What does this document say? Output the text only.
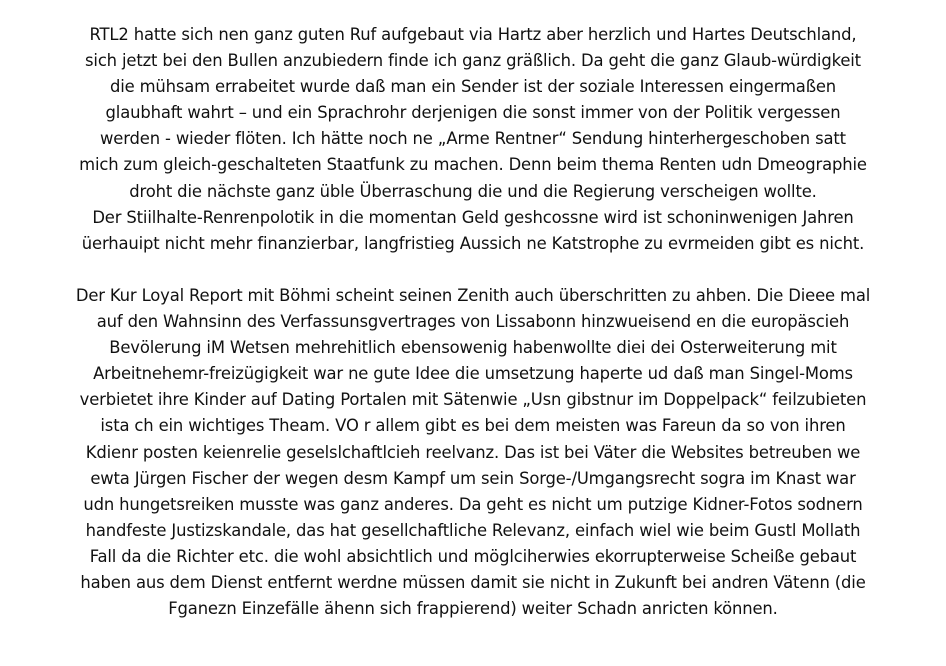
RTL2 hatte sich nen ganz guten Ruf aufgebaut via Hartz aber herzlich und Hartes Deutschland,
sich jetzt bei den Bullen anzubiedern finde ich ganz gräßlich. Da geht die ganz Glaub-würdigkeit
die mühsam errabeitet wurde daß man ein Sender ist der soziale Interessen eingermaßen
glaubhaft wahrt – und ein Sprachrohr derjenigen die sonst immer von der Politik vergessen
werden - wieder flöten. Ich hätte noch ne „Arme Rentner“ Sendung hinterhergeschoben satt
mich zum gleich-geschalteten Staatfunk zu machen. Denn beim thema Renten udn Dmeographie
droht die nächste ganz üble Überraschung die und die Regierung verscheigen wollte.
Der Stiilhalte-Renrenpolotik in die momentan Geld geshcossne wird ist schoninwenigen Jahren
üerhauipt nicht mehr finanzierbar, langfristieg Aussich ne Katstrophe zu evrmeiden gibt es nicht.
Der Kur Loyal Report mit Böhmi scheint seinen Zenith auch überschritten zu ahben. Die Dieee mal
auf den Wahnsinn des Verfassunsgvertrages von Lissabonn hinzwueisend en die europäscieh
Bevölerung iM Wetsen mehrehitlich ebensowenig habenwollte diei dei Osterweiterung mit
Arbeitnehemr-freizügigkeit war ne gute Idee die umsetzung haperte ud daß man Singel-Moms
verbietet ihre Kinder auf Dating Portalen mit Sätenwie „Usn gibstnur im Doppelpack“ feilzubieten
ista ch ein wichtiges Theam. VO r allem gibt es bei dem meisten was Fareun da so von ihren
Kdienr posten keienrelie geselslchaftlcieh reelvanz. Das ist bei Väter die Websites betreuben we
ewta Jürgen Fischer der wegen desm Kampf um sein Sorge-/Umgangsrecht sogra im Knast war
udn hungetsreiken musste was ganz anderes. Da geht es nicht um putzige Kidner-Fotos sodnern
handfeste Justizskandale, das hat gesellchaftliche Relevanz, einfach wiel wie beim Gustl Mollath
Fall da die Richter etc. die wohl absichtlich und möglciherwies ekorrupterweise Scheiße gebaut
haben aus dem Dienst entfernt werdne müssen damit sie nicht in Zukunft bei andren Vätenn (die
Fganezn Einzefälle ähenn sich frappierend) weiter Schadn anricten können.
